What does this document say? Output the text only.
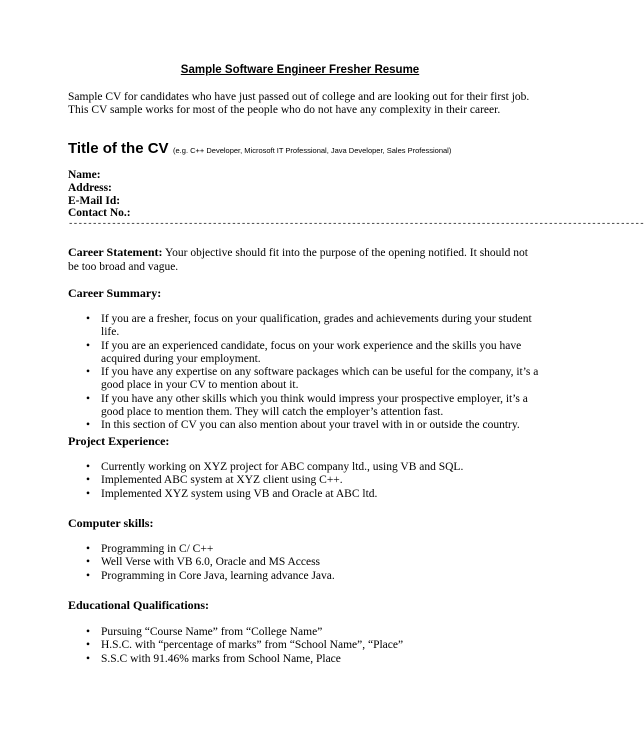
Sample Software Engineer Fresher Resume
Sample CV for candidates who have just passed out of college and are looking out for their first job.
This CV sample works for most of the people who do not have any complexity in their career.
Title of the CV (e.g. C++ Developer, Microsoft IT Professional, Java Developer, Sales Professional)
Name:
Address:
E-Mail Id:
Contact No.:
------------------------------------------------------------------------------------------------------------------------
Career Statement: Your objective should fit into the purpose of the opening notified. It should not be too broad and vague.
Career Summary:
• If you are a fresher, focus on your qualification, grades and achievements during your student life.
• If you are an experienced candidate, focus on your work experience and the skills you have acquired during your employment.
• If you have any expertise on any software packages which can be useful for the company, it’s a good place in your CV to mention about it.
• If you have any other skills which you think would impress your prospective employer, it’s a good place to mention them. They will catch the employer’s attention fast.
• In this section of CV you can also mention about your travel with in or outside the country.
Project Experience:
• Currently working on XYZ project for ABC company ltd., using VB and SQL.
• Implemented ABC system at XYZ client using C++.
• Implemented XYZ system using VB and Oracle at ABC ltd.
Computer skills:
• Programming in C/ C++
• Well Verse with VB 6.0, Oracle and MS Access
• Programming in Core Java, learning advance Java.
Educational Qualifications:
• Pursuing “Course Name” from “College Name”
• H.S.C. with “percentage of marks” from “School Name”, “Place”
• S.S.C with 91.46% marks from School Name, Place
